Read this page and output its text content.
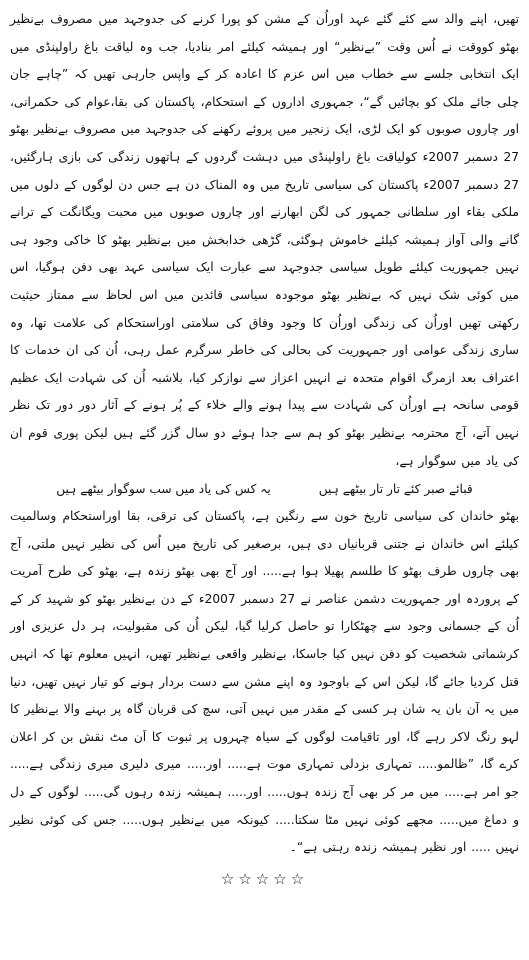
تھیں، اپنے والد سے کئے گئے عہد اوراُن کے مشن کو پورا کرنے کی جدوجہد میں مصروف بےنظیر بھٹو کووقت نے اُس وقت ”بےنظیر“ اور ہمیشہ کیلئے امر بنادیا، جب وہ لیاقت باغ راولپنڈی میں ایک انتخابی جلسے سے خطاب میں اس عزم کا اعادہ کر کے واپس جارہی تھیں کہ ”چاہے جان چلی جائے ملک کو بچائیں گے“، جمہوری اداروں کے استحکام، پاکستان کی بقا،عوام کی حکمرانی، اور چاروں صوبوں کو ایک لڑی، ایک زنجیر میں پروئے رکھنے کی جدوجہد میں مصروف بےنظیر بھٹو 27 دسمبر 2007ء کولیاقت باغ راولپنڈی میں دہشت گردوں کے ہاتھوں زندگی کی بازی ہارگئیں، 27 دسمبر 2007ء پاکستان کی سیاسی تاریخ میں وہ المناک دن ہے جس دن لوگوں کے دلوں میں ملکی بقاء اور سلطانی جمہور کی لگن ابھارنے اور چاروں صوبوں میں محبت ویگانگت کے ترانے گانے والی آواز ہمیشہ کیلئے خاموش ہوگئی، گڑھی خدابخش میں بےنظیر بھٹو کا خاکی وجود ہی نہیں جمہوریت کیلئے طویل سیاسی جدوجہد سے عبارت ایک سیاسی عہد بھی دفن ہوگیا، اس میں کوئی شک نہیں کہ بےنظیر بھٹو موجودہ سیاسی قائدین میں اس لحاظ سے ممتاز حیثیت رکھتی تھیں اوراُن کی زندگی اوراُن کا وجود وفاق کی سلامتی اوراستحکام کی علامت تھا، وہ ساری زندگی عوامی اور جمہوریت کی بحالی کی خاطر سرگرم عمل رہی، اُن کی ان خدمات کا اعتراف بعد ازمرگ اقوام متحدہ نے انہیں اعزاز سے نوازکر کیا، بلاشبہ اُن کی شہادت ایک عظیم قومی سانحہ ہے اوراُن کی شہادت سے پیدا ہونے والے خلاء کے پُر ہونے کے آثار دور دور تک نظر نہیں آتے، آج محترمہ بےنظیر بھٹو کو ہم سے جدا ہوئے دو سال گزر گئے ہیں لیکن پوری قوم ان کی یاد میں سوگوار ہے،

قبائے صبر کئے تار تار بیٹھے ہیں
یہ کس کی یاد میں سب سوگوار بیٹھے ہیں

بھٹو خاندان کی سیاسی تاریخ خون سے رنگین ہے، پاکستان کی ترقی، بقا اوراستحکام وسالمیت کیلئے اس خاندان نے جتنی قربانیاں دی ہیں، برصغیر کی تاریخ میں اُس کی نظیر نہیں ملتی، آج بھی چاروں طرف بھٹو کا طلسم پھیلا ہوا ہے..... اور آج بھی بھٹو زندہ ہے، بھٹو کی طرح آمریت کے پروردہ اور جمہوریت دشمن عناصر نے 27 دسمبر 2007ء کے دن بےنظیر بھٹو کو شہید کر کے اُن کے جسمانی وجود سے چھٹکارا تو حاصل کرلیا گیا، لیکن اُن کی مقبولیت، ہر دل عزیزی اور کرشماتی شخصیت کو دفن نہیں کیا جاسکا، بےنظیر واقعی بےنظیر تھیں، انہیں معلوم تھا کہ انہیں قتل کردیا جائے گا، لیکن اس کے باوجود وہ اپنے مشن سے دست بردار ہونے کو تیار نہیں تھیں، دنیا میں یہ آن بان یہ شان ہر کسی کے مقدر میں نہیں آتی، سچ کی قربان گاہ پر بہنے والا بےنظیر کا لہو رنگ لاکر رہے گا، اور تاقیامت لوگوں کے سیاہ چہروں پر ثبوت کا اَن مٹ نقش بن کر اعلان کرے گا، ”ظالمو..... تمہاری بزدلی تمہاری موت ہے..... اور..... میری دلیری میری زندگی ہے..... جو امر ہے..... میں مر کر بھی آج زندہ ہوں..... اور..... ہمیشہ زندہ رہوں گی..... لوگوں کے دل و دماغ میں..... مجھے کوئی نہیں مٹا سکتا..... کیونکہ میں بےنظیر ہوں..... جس کی کوئی نظیر نہیں ..... اور نظیر ہمیشہ زندہ رہتی ہے“۔

☆☆☆☆☆
